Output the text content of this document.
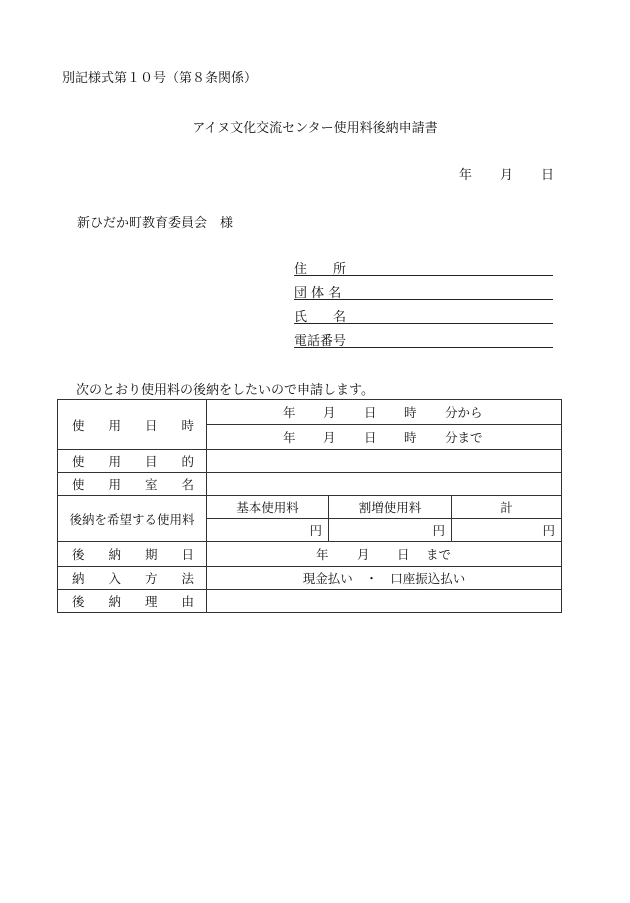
別記様式第１０号（第８条関係）
アイヌ文化交流センター使用料後納申請書
年 月 日
新ひだか町教育委員会　様
住　　所
団 体 名
氏　　名
電話番号
次のとおり使用料の後納をしたいので申請します。
使 用 日 時	年 月 日 時 分から		

	年 月 日 時 分まで		

使 用 目 的			

使 用 室 名			

後納を希望する使用料	基本使用料	割増使用料	計
	円	円	円

後 納 期 日	年 月 日 まで		

納 入 方 法	現金払い　・　口座振込払い		

後 納 理 由			
